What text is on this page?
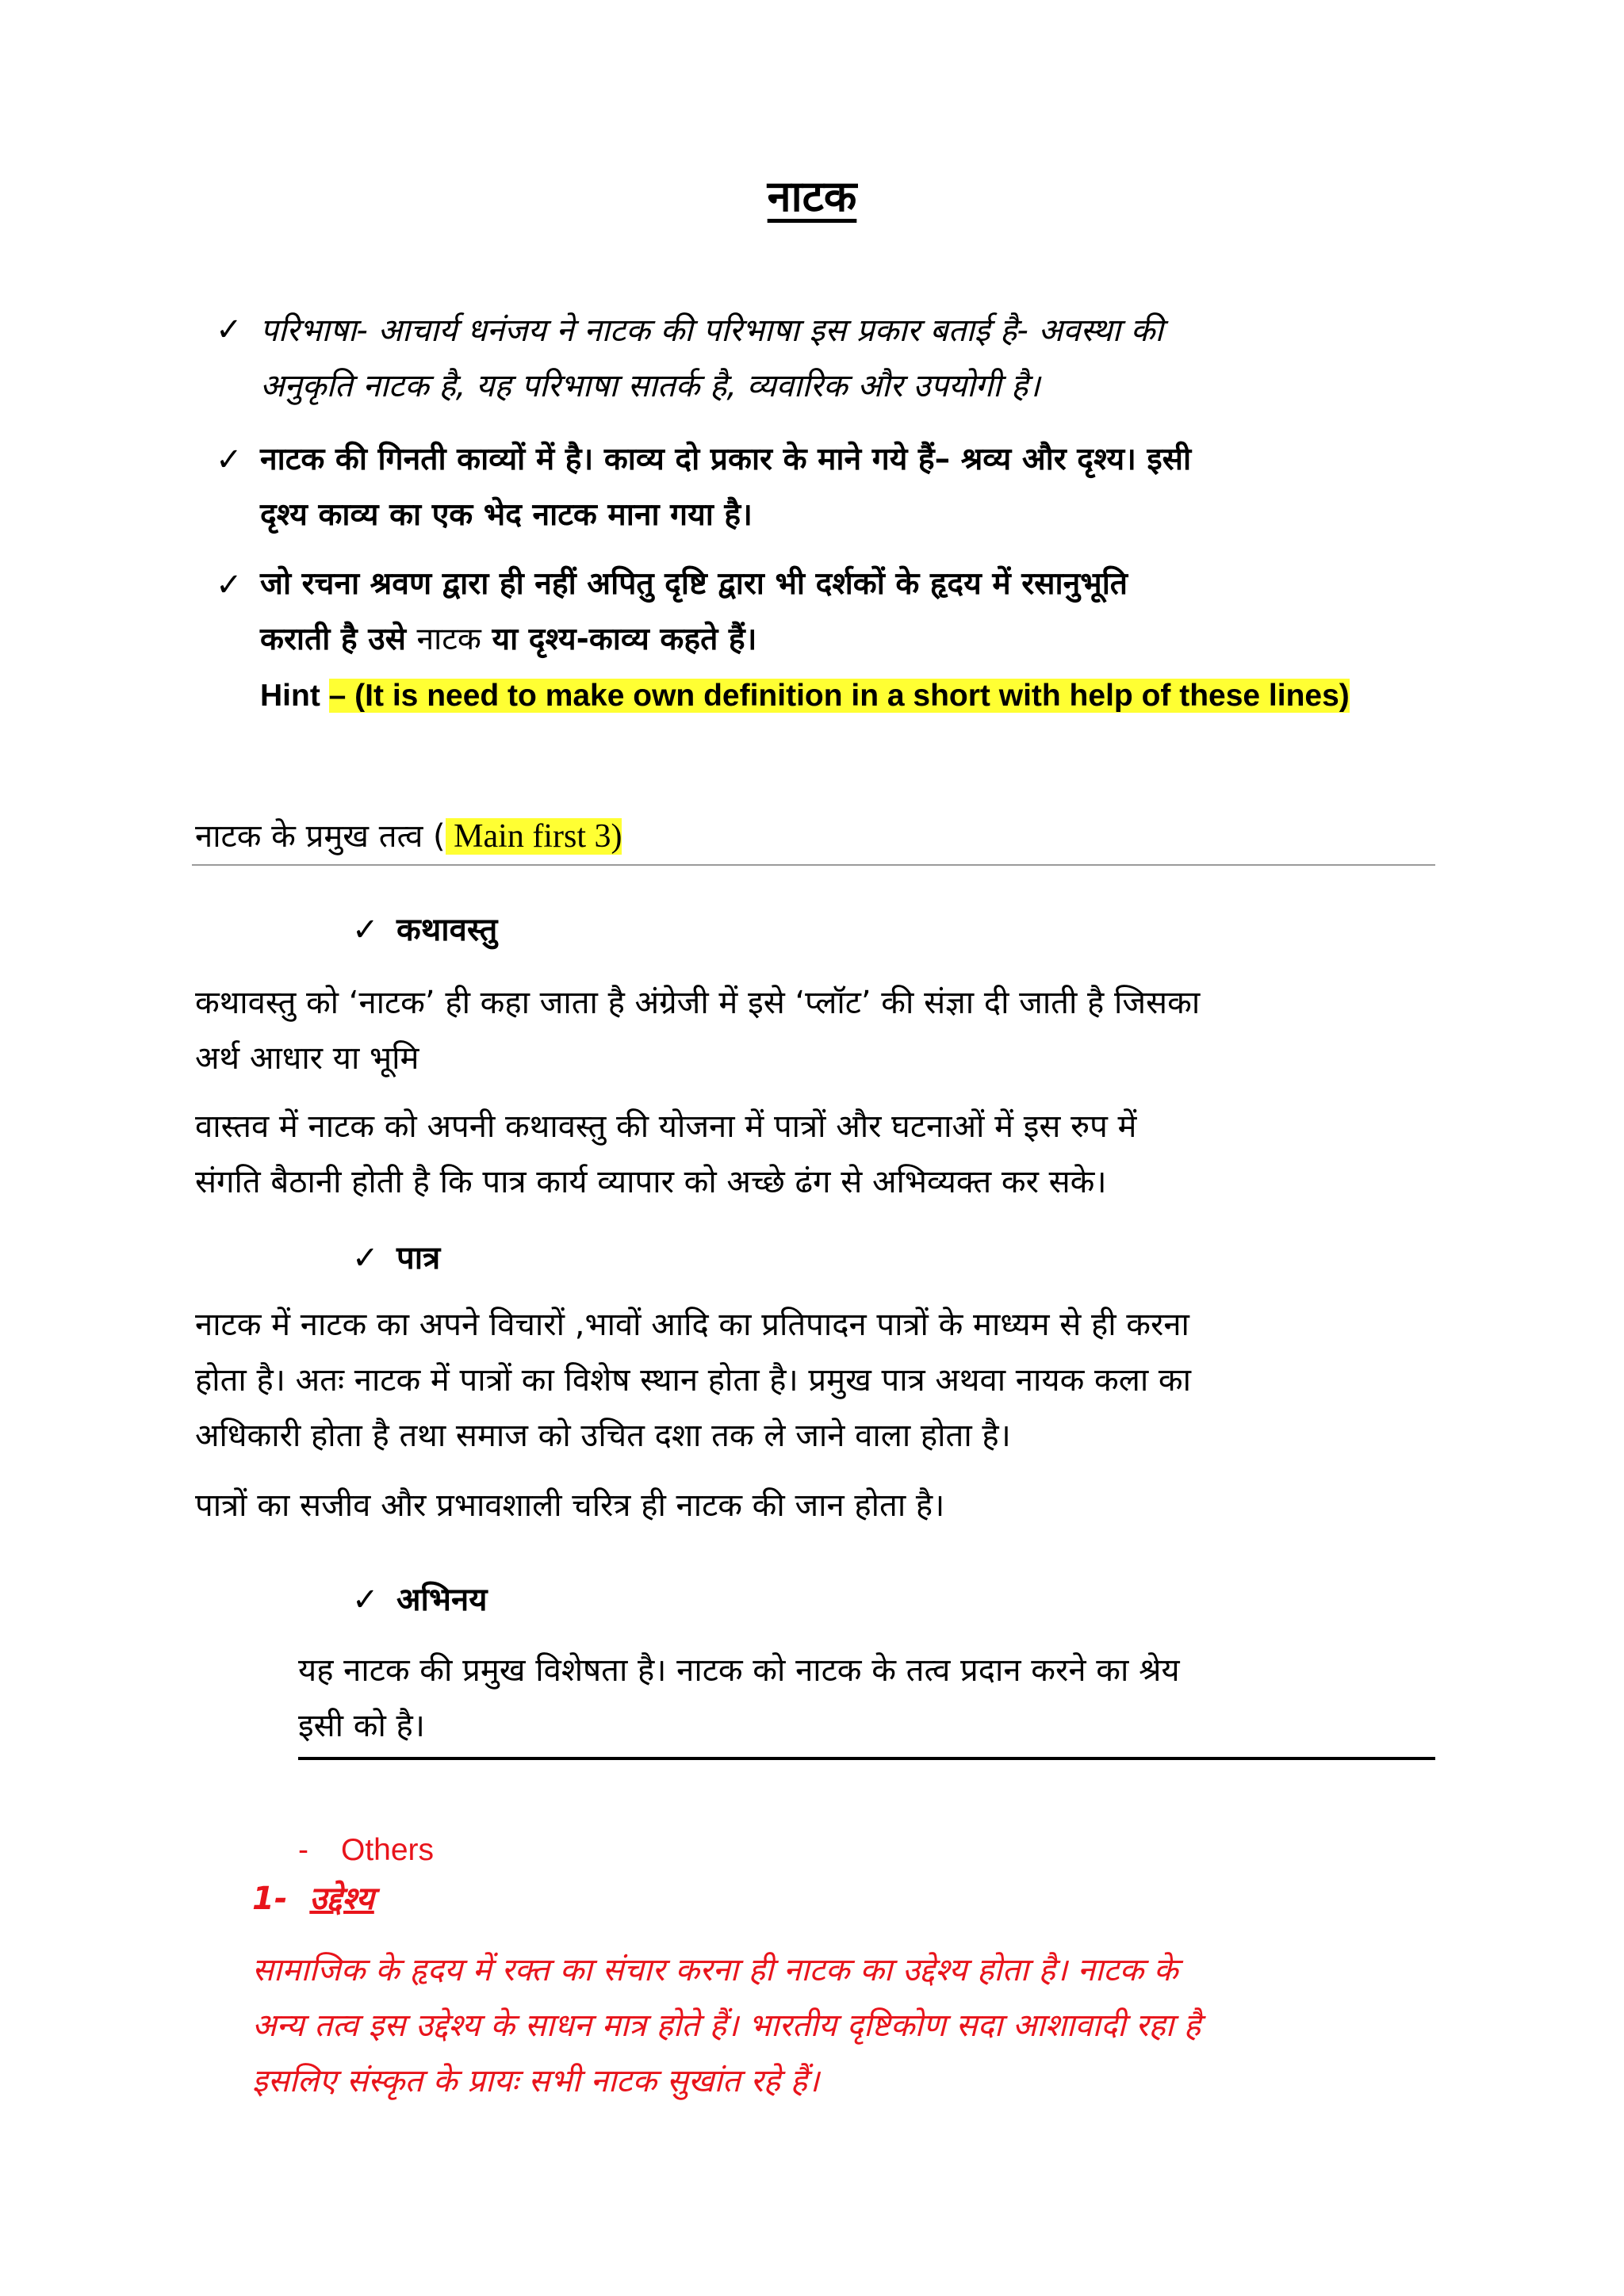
नाटक
✓ परिभाषा- आचार्य धनंजय ने नाटक की परिभाषा इस प्रकार बताई है- अवस्था की
अनुकृति नाटक है, यह परिभाषा सातर्क है, व्यवारिक और उपयोगी है।

✓ नाटक की गिनती काव्यों में है। काव्य दो प्रकार के माने गये हैं– श्रव्य और दृश्य। इसी
दृश्य काव्य का एक भेद नाटक माना गया है।

✓ जो रचना श्रवण द्वारा ही नहीं अपितु दृष्टि द्वारा भी दर्शकों के हृदय में रसानुभूति
कराती है उसे नाटक या दृश्य-काव्य कहते हैं।

Hint – (It is need to make own definition in a short with help of these lines)
नाटक के प्रमुख तत्व ( Main first 3)
✓ कथावस्तु

कथावस्तु को ‘नाटक’ ही कहा जाता है अंग्रेजी में इसे ‘प्लॉट’ की संज्ञा दी जाती है जिसका
अर्थ आधार या भूमि

वास्तव में नाटक को अपनी कथावस्तु की योजना में पात्रों और घटनाओं में इस रुप में
संगति बैठानी होती है कि पात्र कार्य व्यापार को अच्छे ढंग से अभिव्यक्त कर सके।

✓ पात्र

नाटक में नाटक का अपने विचारों ,भावों आदि का प्रतिपादन पात्रों के माध्यम से ही करना
होता है। अतः नाटक में पात्रों का विशेष स्थान होता है। प्रमुख पात्र अथवा नायक कला का
अधिकारी होता है तथा समाज को उचित दशा तक ले जाने वाला होता है।

पात्रों का सजीव और प्रभावशाली चरित्र ही नाटक की जान होता है।

✓ अभिनय

यह नाटक की प्रमुख विशेषता है। नाटक को नाटक के तत्व प्रदान करने का श्रेय
इसी को है।

- Others
1- उद्देश्य

सामाजिक के हृदय में रक्त का संचार करना ही नाटक का उद्देश्य होता है। नाटक के
अन्य तत्व इस उद्देश्य के साधन मात्र होते हैं। भारतीय दृष्टिकोण सदा आशावादी रहा है
इसलिए संस्कृत के प्रायः सभी नाटक सुखांत रहे हैं।
